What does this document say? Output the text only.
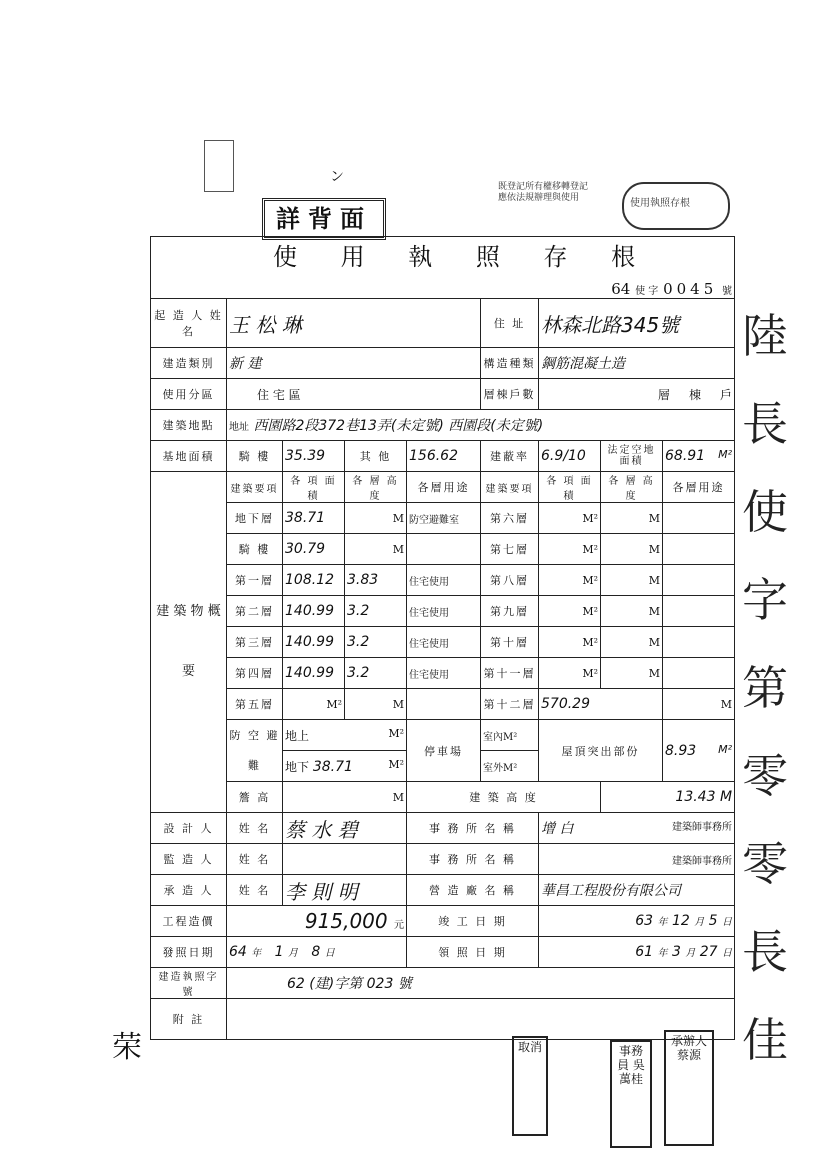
ン
詳背面
既登記所有權移轉登記
應依法規辦理與使用	使用執照存根
陸長使字第零零長佳
荣
使 用 執 照 存 根
64 使 字 0045 號								

起 造 人 姓 名	王 松 琳				住 址	林森北路345號		
建造類別	新 建				構造種類	鋼筋混凝土造		
使用分區	住 宅 區				層棟戶數	層 棟 戶		
建築地點	地址 西園路2段372巷13弄(未定號) 西園段(未定號)							
基地面積	騎 樓	35.39	其 他	156.62	建蔽率	6.9/10	法定空地面積	68.91 M²

建 築 物 概 要	建築要項	各 項 面 積	各 層 高 度	各層用途	建築要項	各 項 面 積	各 層 高 度	各層用途
	地下層	38.71	M	防空避難室	第六層	M²	M	

	騎 樓	30.79	M		第七層	M²	M	

	第一層	108.12	3.83	住宅使用	第八層	M²	M	

	第二層	140.99	3.2	住宅使用	第九層	M²	M	

	第三層	140.99	3.2	住宅使用	第十層	M²	M	

	第四層	140.99	3.2	住宅使用	第十一層	M²	M	

	第五層	M²	M		第十二層	570.29		M

	防 空 避 難	地上 M²		停車場	室內M²	屋頂突出部份		8.93 M²

		地下 38.71 M²			室外M²			
	簷 高	M		建 築 高 度			13.43 M	
設 計 人	姓 名	蔡 水 碧		事 務 所 名 稱		增 白 建築師事務所		

監 造 人	姓 名			事 務 所 名 稱		建築師事務所		

承 造 人	姓 名	李 則 明		營 造 廠 名 稱		華昌工程股份有限公司		
工程造價	915,000 元			竣 工 日 期		63 年 12 月 5 日		
發照日期	64 年 1 月 8 日			領 照 日 期		61 年 3 月 27 日		
建造執照字號	62 (建)字第 023 號							
附 註								
取消	事務員 吳萬桂
承辦人 蔡源
